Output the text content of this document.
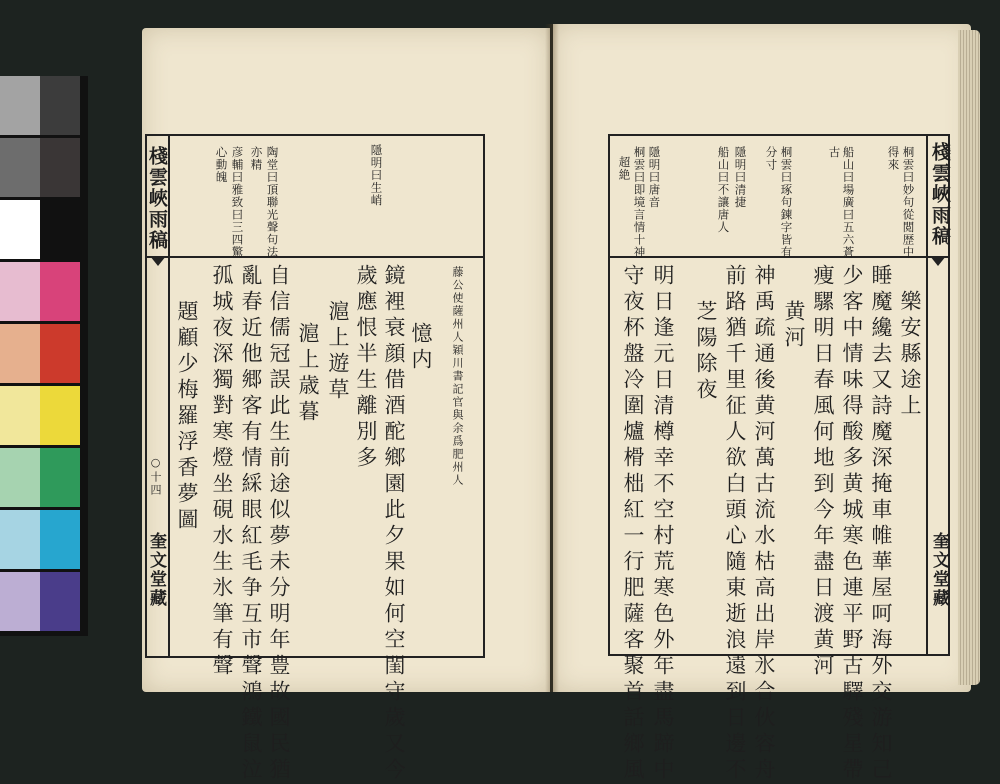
棧雲峽雨稿
○十四
奎文堂藏
隱明曰生峭
陶堂曰頂聯光聲句法
亦精
彦輔曰雅致曰三四驚
心動魄
藤公使薩州人穎川書記官與余爲肥州人
憶内
鏡裡衰顔借酒酡鄉園此夕果如何空閨守歲又今
歲應恨半生離別多
滬上遊草
滬上歳暮
自信儒冠誤此生前途似夢未分明年豊故國民猶
亂春近他郷客有情綵眼紅毛争互市聲鴻鐵鼠泣
孤城夜深獨對寒燈坐硯水生氷筆有聲
題顧少梅羅浮香夢圖
棧雲峽雨稿
奎文堂藏
桐雲曰妙句從閲歴中
得來
船山曰場廣曰五六蒼
古
桐雲曰琢句鍊字皆有
分寸
隱明曰清捷
船山曰不讓唐人
隱明曰唐音
桐雲曰即境言情十神
超絶
樂安縣途上
睡魔纔去又詩魔深掩車帷華屋呵海外交游知己
少客中情味得酸多黄城寒色連平野古驛殘星帶
痩騾明日春風何地到今年盡日渡黄河
黄河
神禹疏通後黄河萬古流水枯高出岸氷合伙容舟
前路猶千里征人欲白頭心隨東逝浪遠到日邊不
芝陽除夜
明日逢元日清樽幸不空村荒寒色外年盡馬蹄中
守夜杯盤冷圍爐榾柮紅一行肥薩客聚首話鄉風
